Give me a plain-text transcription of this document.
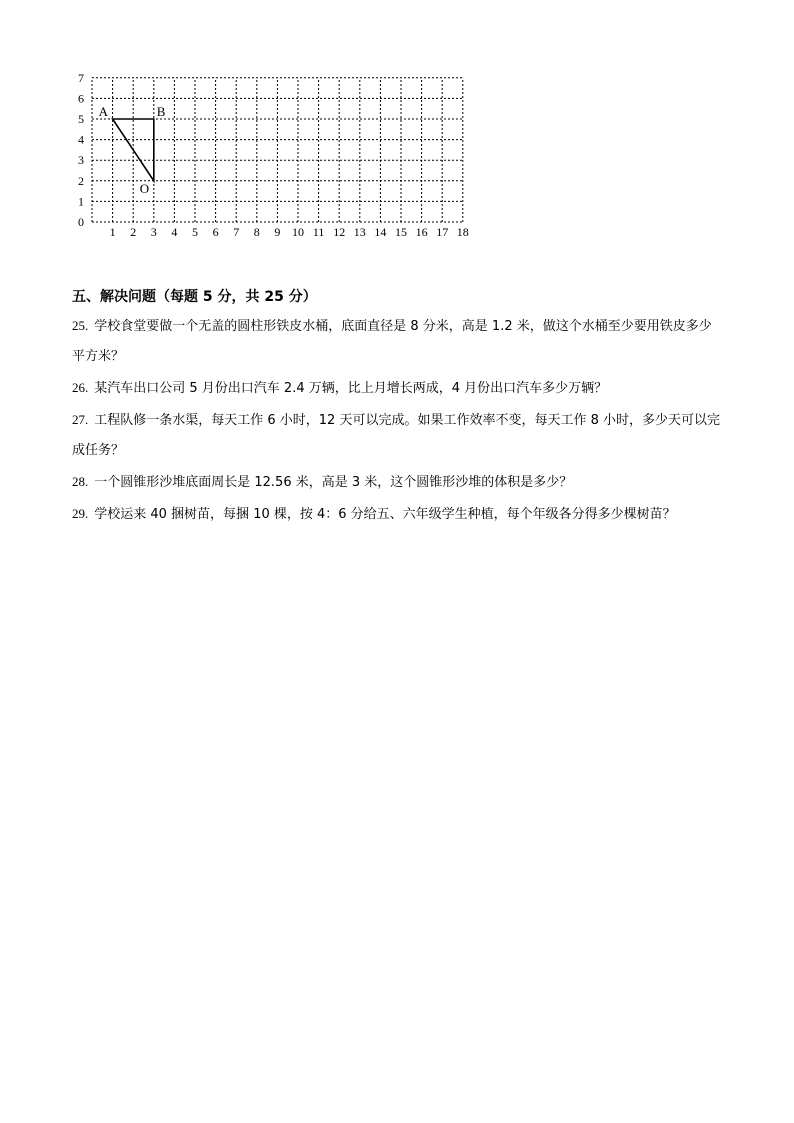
1 2 3 4 5 6 7 8 9 10 11 12 13 14 15 16 17 18
0
1
2
3
4
5
6
7
A	B
O
五、解决问题（每题 5 分，共 25 分）
25. 学校食堂要做一个无盖的圆柱形铁皮水桶，底面直径是 8 分米，高是 1.2 米，做这个水桶至少要用铁皮多少平方米？
26. 某汽车出口公司 5 月份出口汽车 2.4 万辆，比上月增长两成，4 月份出口汽车多少万辆？
27. 工程队修一条水渠，每天工作 6 小时，12 天可以完成。如果工作效率不变，每天工作 8 小时，多少天可以完成任务？
28. 一个圆锥形沙堆底面周长是 12.56 米，高是 3 米，这个圆锥形沙堆的体积是多少？
29. 学校运来 40 捆树苗，每捆 10 棵，按 4：6 分给五、六年级学生种植，每个年级各分得多少棵树苗？
